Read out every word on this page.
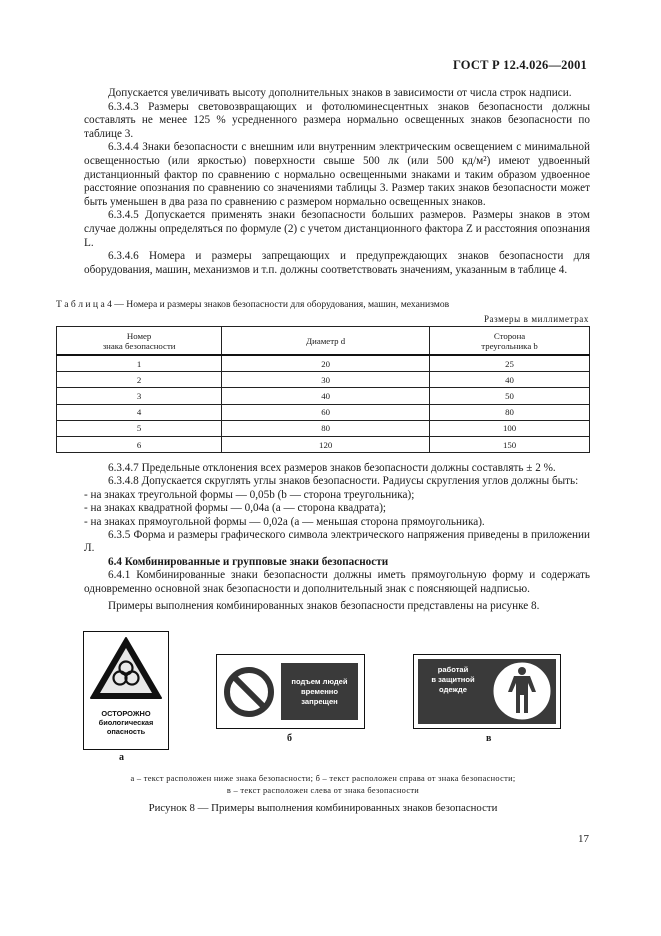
ГОСТ Р 12.4.026—2001

Допускается увеличивать высоту дополнительных знаков в зависимости от числа строк надписи.

6.3.4.3 Размеры световозвращающих и фотолюминесцентных знаков безопасности должны составлять не менее 125 % усредненного размера нормально освещенных знаков безопасности по таблице 3.

6.3.4.4 Знаки безопасности с внешним или внутренним электрическим освещением с минимальной освещенностью (или яркостью) поверхности свыше 500 лк (или 500 кд/м²) имеют удвоенный дистанционный фактор по сравнению с нормально освещенными знаками и таким образом удвоенное расстояние опознания по сравнению со значениями таблицы 3. Размер таких знаков безопасности может быть уменьшен в два раза по сравнению с размером нормально освещенных знаков.

6.3.4.5 Допускается применять знаки безопасности больших размеров. Размеры знаков в этом случае должны определяться по формуле (2) с учетом дистанционного фактора Z и расстояния опознания L.

6.3.4.6 Номера и размеры запрещающих и предупреждающих знаков безопасности для оборудования, машин, механизмов и т.п. должны соответствовать значениям, указанным в таблице 4.

Т а б л и ц а 4 — Номера и размеры знаков безопасности для оборудования, машин, механизмов
Размеры в миллиметрах
Номер
знака безопасности	Диаметр d	Сторона
треугольника b
1	20	25
2	30	40
3	40	50
4	60	80
5	80	100
6	120	150

6.3.4.7 Предельные отклонения всех размеров знаков безопасности должны составлять ± 2 %.

6.3.4.8 Допускается скруглять углы знаков безопасности. Радиусы скругления углов должны быть:

- на знаках треугольной формы — 0,05b (b — сторона треугольника);

- на знаках квадратной формы — 0,04a (a — сторона квадрата);

- на знаках прямоугольной формы — 0,02a (a — меньшая сторона прямоугольника).

6.3.5 Форма и размеры графического символа электрического напряжения приведены в приложении Л.

6.4 Комбинированные и групповые знаки безопасности

6.4.1 Комбинированные знаки безопасности должны иметь прямоугольную форму и содержать одновременно основной знак безопасности и дополнительный знак с поясняющей надписью.

Примеры выполнения комбинированных знаков безопасности представлены на рисунке 8.

ОСТОРОЖНО
биологическая
опасность
а
подъем людей
временно
запрещен
б
работай
в защитной
одежде
в
а – текст расположен ниже знака безопасности; б – текст расположен справа от знака безопасности;
в – текст расположен слева от знака безопасности
Рисунок 8 — Примеры выполнения комбинированных знаков безопасности
17
